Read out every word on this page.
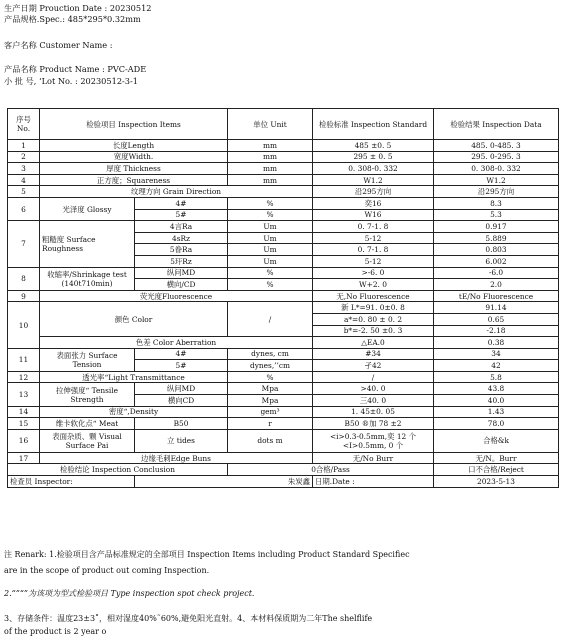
生产日期 Prouction Date : 20230512
产品规格.Spec.: 485*295*0.32mm
客户名称 Customer Name :
产品名称 Product Name : PVC-ADE
小 批 号, ‘Lot No. : 20230512-3-1
序号 No.	检验项目 Inspection Items		单位 Unit	检验标准 Inspection Standard	检验结果 Inspection Data
1	长度Length		mm	485 ±0. 5	485. 0-485. 3
2	宽度Width.		mm	295 ± 0. 5	295. 0-295. 3
3	厚度 Thickness		mm	0. 308-0. 332	0. 308-0. 332
4	正方度；Squareness		mm	W1.2	W1.2
5	纹理方向 Grain Direction			沿295方向	沿295方向
6	光泽度 Glossy	4#	%	奕16	8.3
		5#	%	W16	5.3
7	粗糙度 Surface Roughness	4言Ra	Um	0. 7-1. 8	0.917
		4sRz	Um	5-12	5.889
		5眷Ra	Um	0. 7-1. 8	0.803
		5玕Rz	Um	5-12	6.002
8	收缩率/Shrinkage test (140t710min)	纵问MD	%	>-6. 0	-6.0
		横向/CD	%	W+2. 0	2.0
9	荧光度Fluorescence			无,No Fluorescence	tE/No Fluorescence
10	颜色 Color		/	新 L*=91. 0±0. 8	91.14
				a*=0. 80 ± 0. 2	0.65
				b*=-2. 50 ±0. 3	-2.18
	色差 Color Aberration			△EA.0	0.38
11	表面张力 Surface Tension	4#	dynes, cm	#34	34
		5#	dynes,’’cm	孑42	42
12	透光率“Light Transmittance		%	/	5.8
13	拉伸强度“ Tensile Strength	纵问MD	Mpa	>40. 0	43.8
		横向CD	Mpa	三40. 0	40.0
14	密度“,Density		gem³	1. 45±0. 05	1.43
15	维卡软化点“ Meat	B50	r	B50 ®加 78 ±2	78.0
16	表面杂质、颗 Visual Surface Pai	立 tides	dots m	<i>0.3-0.5mm,奕 12 个 <I>0.5mm, 0 个	合格&k
17	边缘毛刺Edge Buns			无/No Burr	无/N。Burr
检验结论 Inspection Conclusion			0合格/Pass		口不合格/Reject
检查员 Inspector:		朱炭鑫		日期.Date :	2023-5-13
注 Renark: 1.检验项目含产品标准规定的全部项目 Inspection Items including Product Standard Specifiec
are in the scope of product out coming Inspection.
2.“”“”为该项为型式检验项目 Type inspection spot check project.
3、存储条件：温度23±3˚，相对湿度40%˜60%,避免阳光直射。4、本材料保质期为二年The shelflife
of the product is 2 year o
